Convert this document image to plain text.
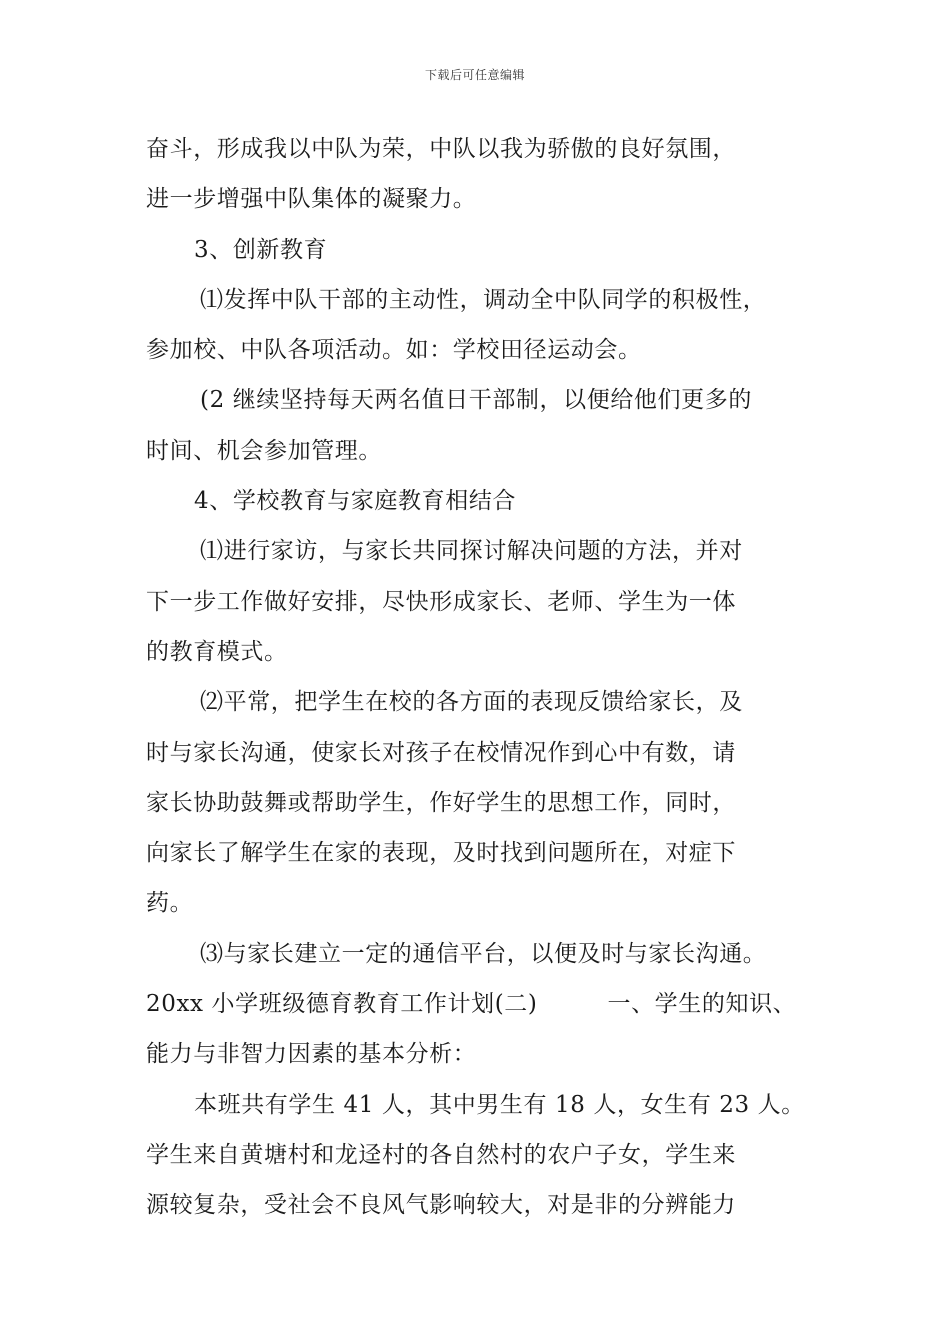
下载后可任意编辑
奋斗，形成我以中队为荣，中队以我为骄傲的良好氛围，
进一步增强中队集体的凝聚力。
3、创新教育
⑴发挥中队干部的主动性，调动全中队同学的积极性，
参加校、中队各项活动。如：学校田径运动会。
(2 继续坚持每天两名值日干部制，以便给他们更多的
时间、机会参加管理。
4、学校教育与家庭教育相结合
⑴进行家访，与家长共同探讨解决问题的方法，并对
下一步工作做好安排，尽快形成家长、老师、学生为一体
的教育模式。
⑵平常，把学生在校的各方面的表现反馈给家长，及
时与家长沟通，使家长对孩子在校情况作到心中有数，请
家长协助鼓舞或帮助学生，作好学生的思想工作，同时，
向家长了解学生在家的表现，及时找到问题所在，对症下
药。
⑶与家长建立一定的通信平台，以便及时与家长沟通。
20xx 小学班级德育教育工作计划(二)	一、学生的知识、
能力与非智力因素的基本分析：
本班共有学生 41 人，其中男生有 18 人，女生有 23 人。
学生来自黄塘村和龙迳村的各自然村的农户子女，学生来
源较复杂，受社会不良风气影响较大，对是非的分辨能力
